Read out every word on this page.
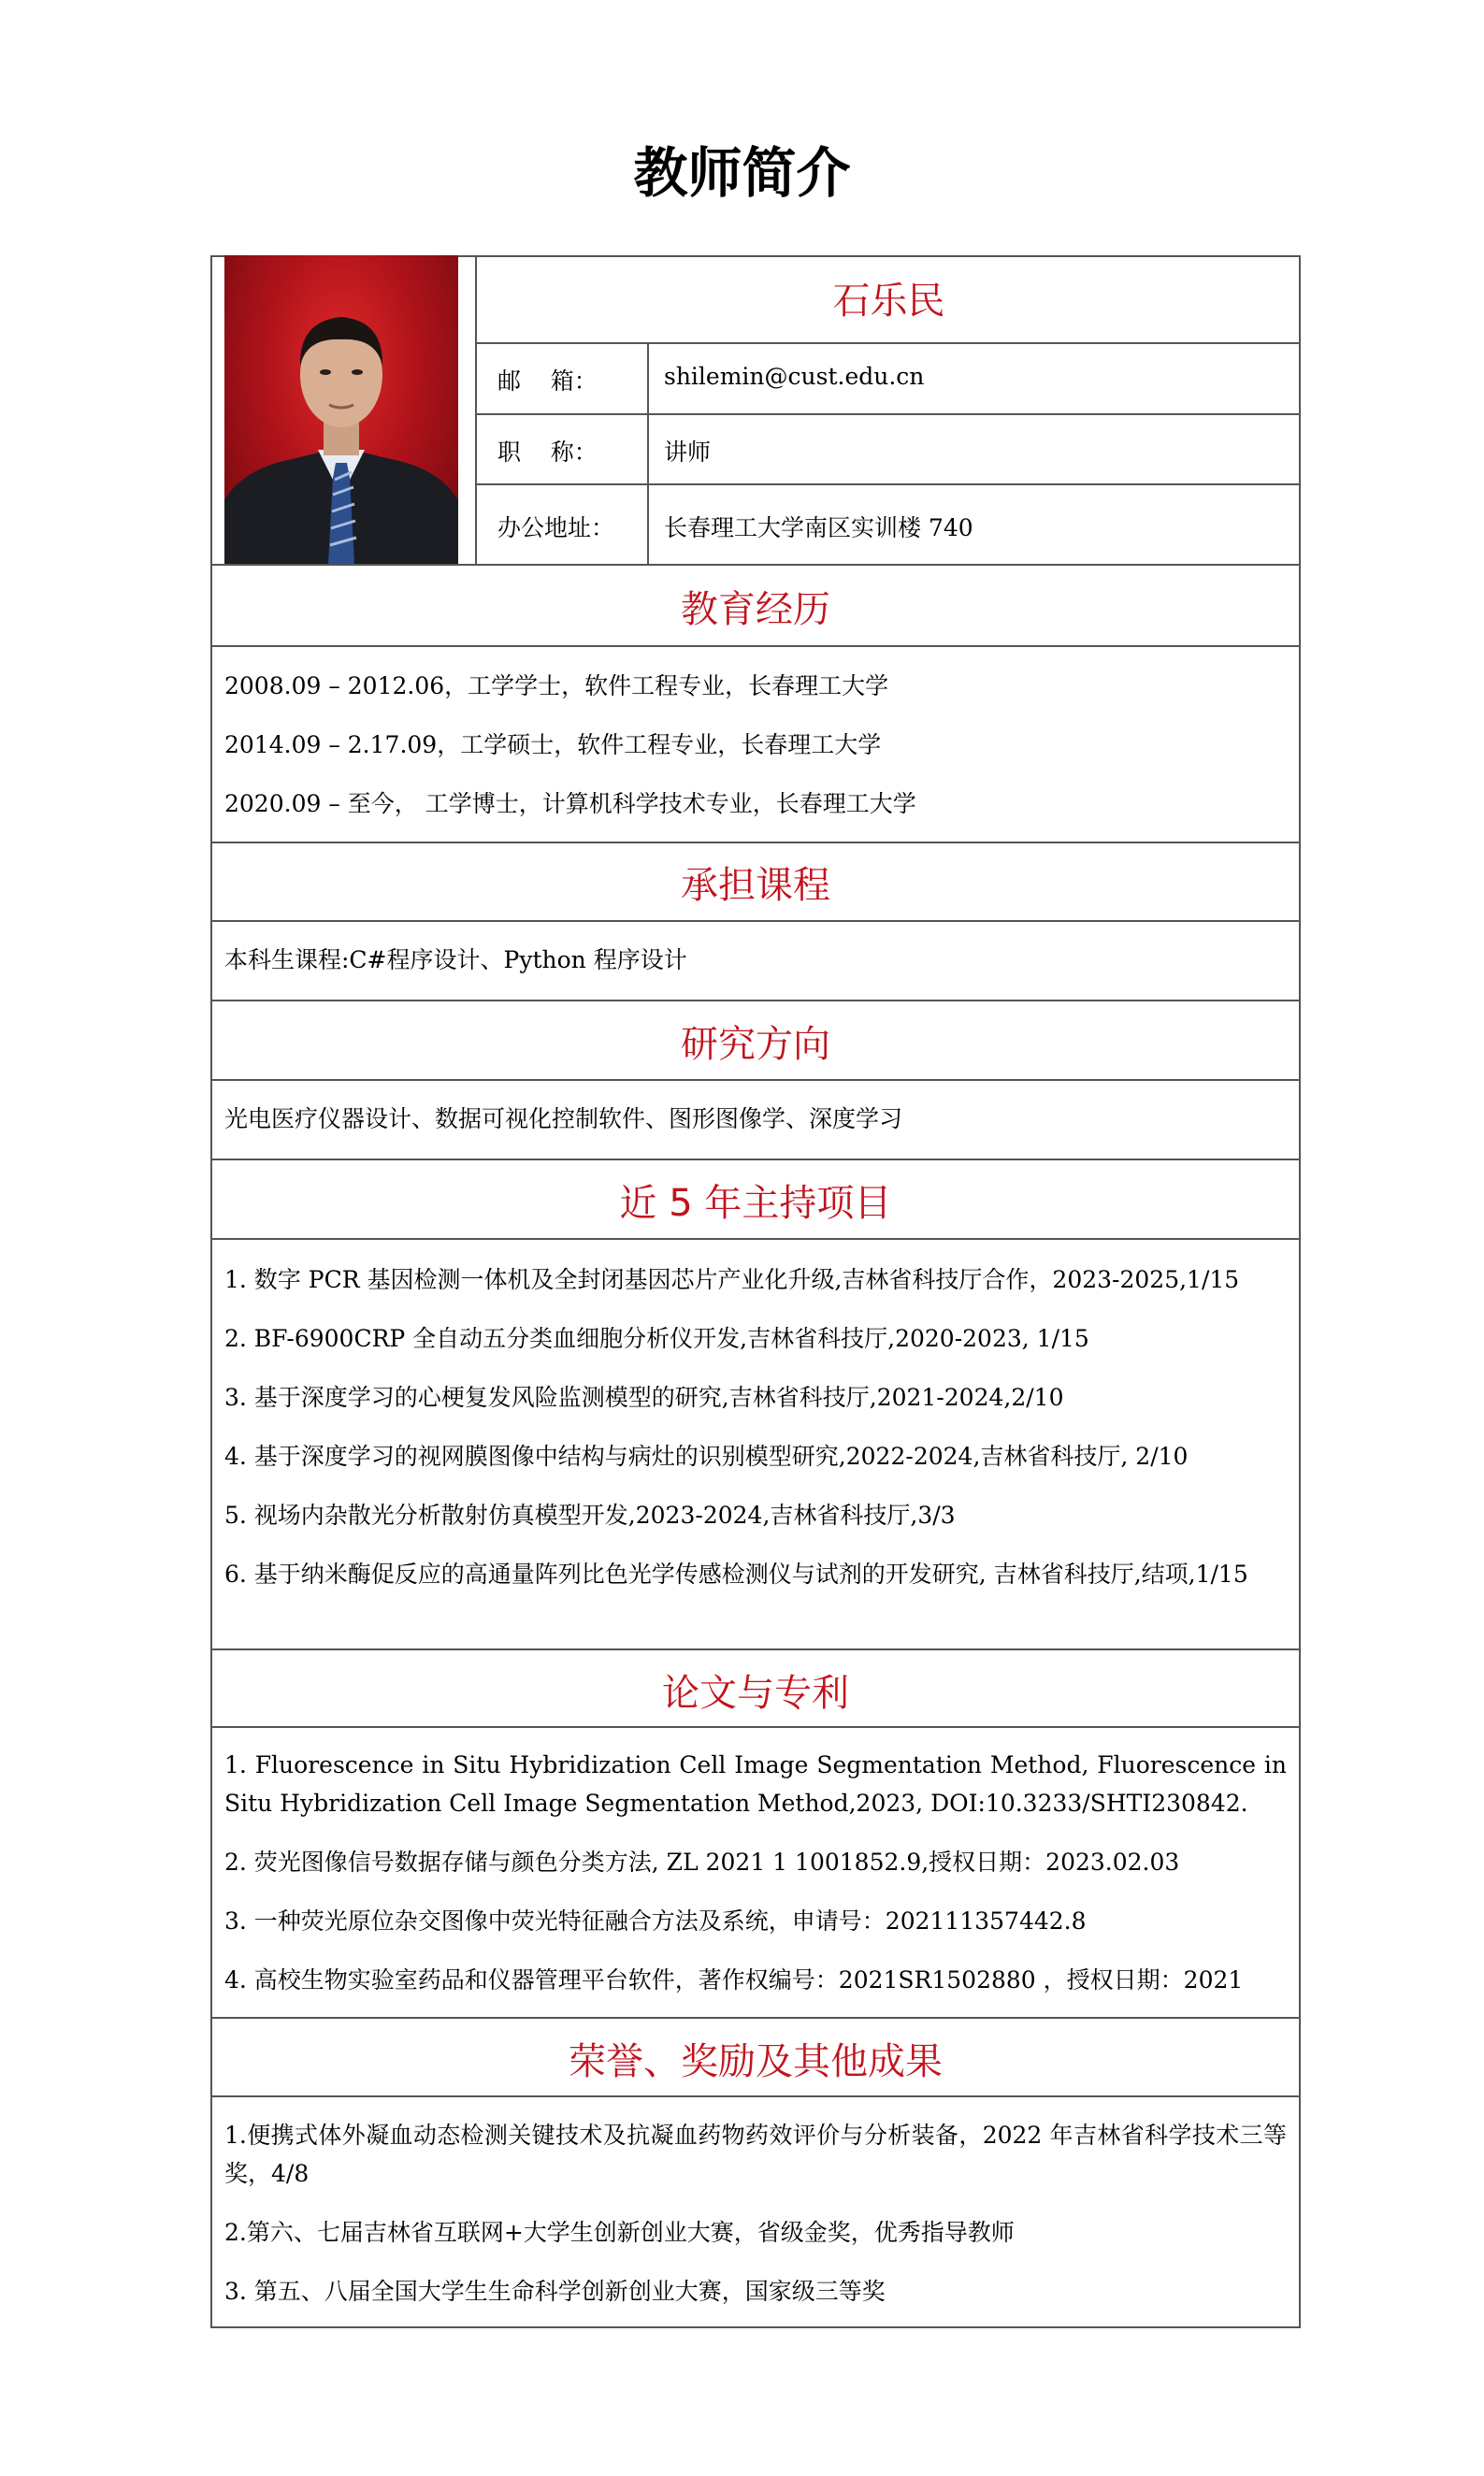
教师简介
石乐民
邮    箱：	shilemin@cust.edu.cn
职    称：	讲师
办公地址： 长春理工大学南区实训楼 740
教育经历
2008.09 – 2012.06，工学学士，软件工程专业，长春理工大学
2014.09 – 2.17.09，工学硕士，软件工程专业，长春理工大学
2020.09 – 至今， 工学博士，计算机科学技术专业，长春理工大学
承担课程
本科生课程:C#程序设计、Python 程序设计
研究方向
光电医疗仪器设计、数据可视化控制软件、图形图像学、深度学习
近 5 年主持项目
1. 数字 PCR 基因检测一体机及全封闭基因芯片产业化升级,吉林省科技厅合作，2023-2025,1/15
2. BF-6900CRP 全自动五分类血细胞分析仪开发,吉林省科技厅,2020-2023, 1/15
3. 基于深度学习的心梗复发风险监测模型的研究,吉林省科技厅,2021-2024,2/10
4. 基于深度学习的视网膜图像中结构与病灶的识别模型研究,2022-2024,吉林省科技厅, 2/10
5. 视场内杂散光分析散射仿真模型开发,2023-2024,吉林省科技厅,3/3
6. 基于纳米酶促反应的高通量阵列比色光学传感检测仪与试剂的开发研究, 吉林省科技厅,结项,1/15
论文与专利
1. Fluorescence in Situ Hybridization Cell Image Segmentation Method, Fluorescence in Situ Hybridization Cell Image Segmentation Method,2023, DOI:10.3233/SHTI230842.
2. 荧光图像信号数据存储与颜色分类方法, ZL 2021 1 1001852.9,授权日期：2023.02.03
3. 一种荧光原位杂交图像中荧光特征融合方法及系统，申请号：202111357442.8
4. 高校生物实验室药品和仪器管理平台软件，著作权编号：2021SR1502880 ，授权日期：2021
荣誉、奖励及其他成果
1.便携式体外凝血动态检测关键技术及抗凝血药物药效评价与分析装备，2022 年吉林省科学技术三等奖，4/8
2.第六、七届吉林省互联网+大学生创新创业大赛，省级金奖，优秀指导教师
3. 第五、八届全国大学生生命科学创新创业大赛，国家级三等奖
